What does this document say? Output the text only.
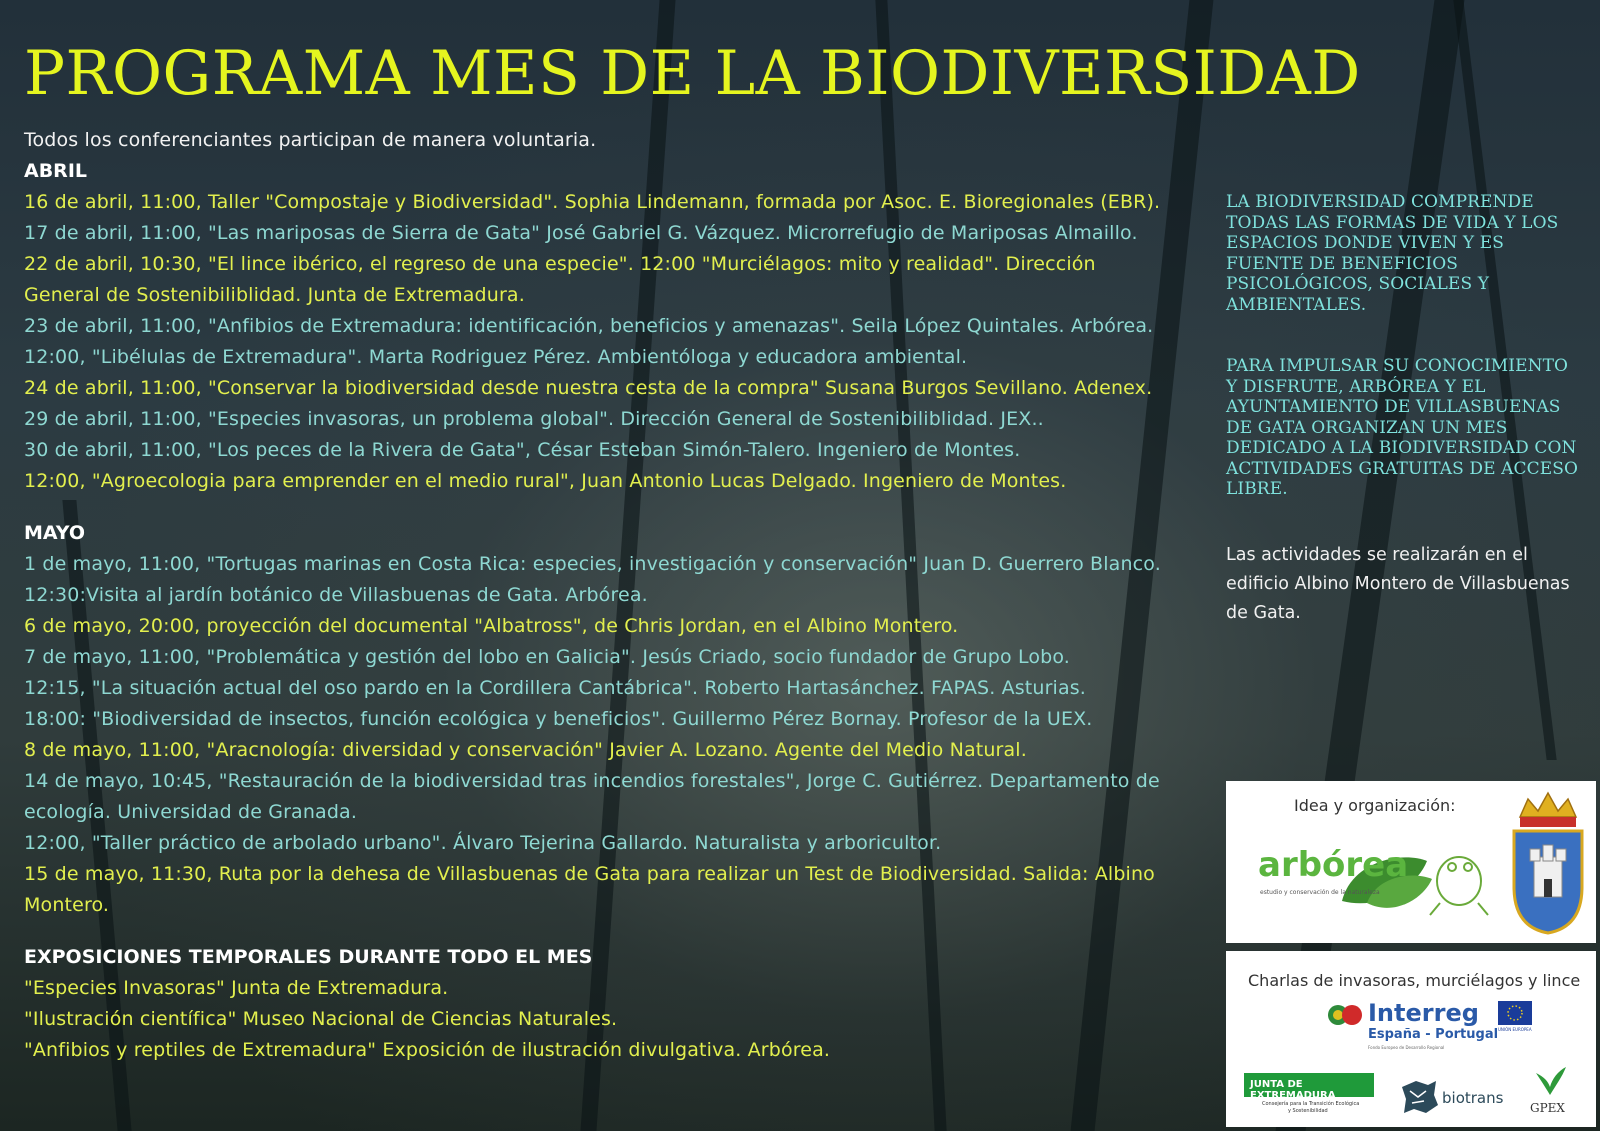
PROGRAMA MES DE LA BIODIVERSIDAD

Todos los conferenciantes participan de manera voluntaria.

ABRIL

16 de abril, 11:00, Taller "Compostaje y Biodiversidad". Sophia Lindemann, formada por Asoc. E. Bioregionales (EBR).

17 de abril, 11:00, "Las mariposas de Sierra de Gata" José Gabriel G. Vázquez. Microrrefugio de Mariposas Almaillo.

22 de abril, 10:30, "El lince ibérico, el regreso de una especie". 12:00 "Murciélagos: mito y realidad". Dirección General de Sostenibiliblidad. Junta de Extremadura.

23 de abril, 11:00, "Anfibios de Extremadura: identificación, beneficios y amenazas". Seila López Quintales. Arbórea.

12:00, "Libélulas de Extremadura". Marta Rodriguez Pérez. Ambientóloga y educadora ambiental.

24 de abril, 11:00, "Conservar la biodiversidad desde nuestra cesta de la compra" Susana Burgos Sevillano. Adenex.

29 de abril, 11:00, "Especies invasoras, un problema global". Dirección General de Sostenibiliblidad. JEX..

30 de abril, 11:00, "Los peces de la Rivera de Gata", César Esteban Simón-Talero. Ingeniero de Montes.

12:00, "Agroecologia para emprender en el medio rural", Juan Antonio Lucas Delgado. Ingeniero de Montes.

MAYO

1 de mayo, 11:00, "Tortugas marinas en Costa Rica: especies, investigación y conservación" Juan D. Guerrero Blanco.

12:30:Visita al jardín botánico de Villasbuenas de Gata. Arbórea.

6 de mayo, 20:00, proyección del documental "Albatross", de Chris Jordan, en el Albino Montero.

7 de mayo, 11:00, "Problemática y gestión del lobo en Galicia". Jesús Criado, socio fundador de Grupo Lobo.

12:15, "La situación actual del oso pardo en la Cordillera Cantábrica". Roberto Hartasánchez. FAPAS. Asturias.

18:00: "Biodiversidad de insectos, función ecológica y beneficios". Guillermo Pérez Bornay. Profesor de la UEX.

8 de mayo, 11:00, "Aracnología: diversidad y conservación" Javier A. Lozano. Agente del Medio Natural.

14 de mayo, 10:45, "Restauración de la biodiversidad tras incendios forestales", Jorge C. Gutiérrez. Departamento de ecología. Universidad de Granada.

12:00, "Taller práctico de arbolado urbano". Álvaro Tejerina Gallardo. Naturalista y arboricultor.

15 de mayo, 11:30, Ruta por la dehesa de Villasbuenas de Gata para realizar un Test de Biodiversidad. Salida: Albino Montero.

EXPOSICIONES TEMPORALES DURANTE TODO EL MES

"Especies Invasoras" Junta de Extremadura.

"Ilustración científica" Museo Nacional de Ciencias Naturales.

"Anfibios y reptiles de Extremadura" Exposición de ilustración divulgativa. Arbórea.

LA BIODIVERSIDAD COMPRENDE TODAS LAS FORMAS DE VIDA Y LOS ESPACIOS DONDE VIVEN Y ES FUENTE DE BENEFICIOS PSICOLÓGICOS, SOCIALES Y AMBIENTALES.

PARA IMPULSAR SU CONOCIMIENTO Y DISFRUTE, ARBÓREA Y EL AYUNTAMIENTO DE VILLASBUENAS DE GATA ORGANIZAN UN MES DEDICADO A LA BIODIVERSIDAD CON ACTIVIDADES GRATUITAS DE ACCESO LIBRE.

Las actividades se realizarán en el edificio Albino Montero de Villasbuenas de Gata.

Idea y organización:
arbórea
estudio y conservación de la naturaleza
Charlas de invasoras, murciélagos y lince
Interreg
España - Portugal
Fondo Europeo de Desarrollo Regional
UNIÓN EUROPEA
JUNTA DE EXTREMADURA
Consejería para la Transición Ecológica
y Sostenibilidad
biotrans
GPEX
